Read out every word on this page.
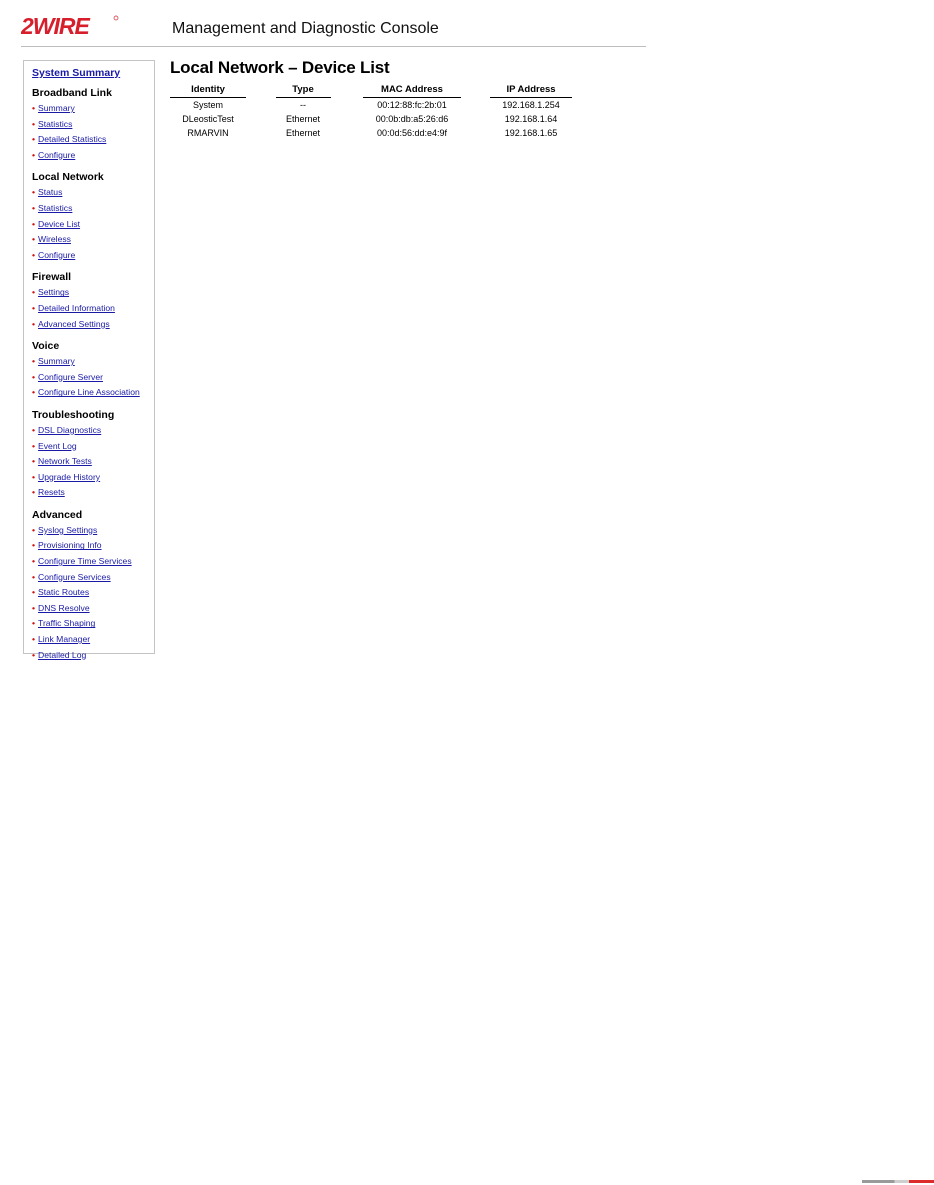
2WIRE	Management and Diagnostic Console
System Summary
Broadband Link
• Summary
• Statistics
• Detailed Statistics
• Configure
Local Network
• Status
• Statistics
• Device List
• Wireless
• Configure
Firewall
• Settings
• Detailed Information
• Advanced Settings
Voice
• Summary
• Configure Server
• Configure Line Association
Troubleshooting
• DSL Diagnostics
• Event Log
• Network Tests
• Upgrade History
• Resets
Advanced
• Syslog Settings
• Provisioning Info
• Configure Time Services
• Configure Services
• Static Routes
• DNS Resolve
• Traffic Shaping
• Link Manager
• Detailed Log
Local Network – Device List
Identity	Type	MAC Address	IP Address
System	--	00:12:88:fc:2b:01	192.168.1.254
DLeosticTest	Ethernet	00:0b:db:a5:26:d6	192.168.1.64
RMARVIN	Ethernet	00:0d:56:dd:e4:9f	192.168.1.65
